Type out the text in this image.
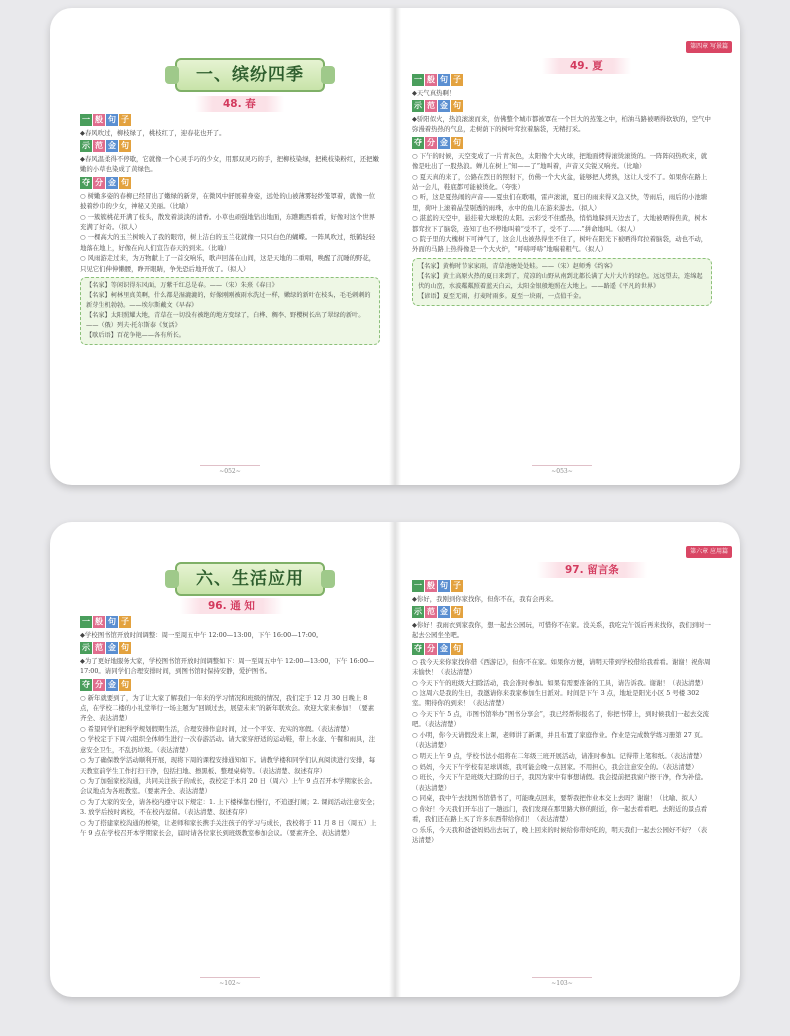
第四章 写景篇
一、缤纷四季
48. 春
一 般 句 子
◆春风吹过，柳枝绿了，桃枝红了，迎春花也开了。
示 范 金 句
◆春风温柔得不停歇，它就像一个心灵手巧的少女，用那双灵巧的手，把柳枝染绿，把桃枝染粉红，还把嫩嫩的小草也染成了黄绿色。
夺 分 金 句
○ 树嫩多姿的春柳已经冒出了嫩绿的新芽，在微风中舒展着身姿，远处的山被薄雾轻纱笼罩着，就像一位披着纱巾的少女，神秘又美丽。（比喻）
○ 一簇簇桃花开满了枝头，散发着淡淡的清香。小草也顽强地钻出地面，东瞧瞧西看看，好像对这个世界充满了好奇。（拟人）
○ 一棵高大的玉兰树映入了我的眼帘，树上洁白的玉兰花就像一只只白色的蝴蝶。一阵风吹过，纸鹤轻轻地落在地上，好像在向人们宣告春天的到来。（比喻）
○ 风雨游走过来，为万物献上了一首交响乐，歌声回荡在山间，这是天地的二重唱，唤醒了沉睡的野花，只见它们伸伸懒腰，睁开眼睛，争先恐后地开放了。（拟人）
【名家】等闲识得东风面，万紫千红总是春。——（宋）朱熹《春日》
【名家】柯林里真美啊，什么都是湿漉漉的，好像刚刚被雨水洗过一样，嫩绿的新叶在枝头，毛毛刺刺的新芽生机勃勃。——埃尔斯戴文《早春》
【名家】太阳照耀大地，青草在一切没有被绝的地方变绿了，白桦、稠李、野樱树长出了翠绿的新叶。——（俄）列夫·托尔斯泰《复活》
【歇后语】百花争艳——各有所长。
~052~
49. 夏
一 般 句 子
◆天气真热啊！
示 范 金 句
◆骄阳似火，热浪滚滚而来，仿佛整个城市都被罩在一个巨大的蒸笼之中，柏油马路被晒得软软的，空气中弥漫着热热的气息，走树荫下的树叶耷拉着脑袋，无精打采。
夺 分 金 句
○ 下午的时候，天空变成了一片青灰色，太阳像个大火球，把地面烤得滚烫滚烫的。一阵阵闷热吹来，就像是吐出了一股热浪。蝉儿在树上“知——了”地叫着，声音又尖锐又响亮。（比喻）
○ 夏天真的来了，公路在烈日的照射下，仿佛一个大火盆，能够把人烤熟，这让人受不了。如果你在路上站一会儿，鞋底都可能被烫化。（夸张）
○ 听，这是夏热闹的声音——夏虫们在歌唱，雷声滚滚，夏日的雨来得又急又快，等雨后，雨后的小池塘里，荷叶上滚着晶莹剔透的雨珠，水中的鱼儿在游来游去。（拟人）
○ 湛蓝的天空中，悬挂着大球般的太阳。云彩受不住酷热，悄悄地躲到天边去了，大地被晒得焦黄，树木都耷拉下了脑袋，连知了也不停地叫着“受不了，受不了……”拼命地叫。（拟人）
○ 院子里的大槐树下可神气了，这会儿也被热得坐不住了，树叶在阳光下被晒得耷拉着脑袋，动也不动，外面的马路上热得像是一个大火炉，“呼哧呼哧”地喘着粗气。（拟人）
【名家】黄梅时节家家雨，青草池塘处处蛙。——（宋）赵师秀《约客》
【名家】黄土高原火热的夏日来到了，荒凉的山野从南到北都长满了大片大片的绿色。远远望去，连绵起伏的山峦，水波粼粼照着蓝天白云，太阳金银般地照在大地上。——路遥《平凡的世界》
【谚语】夏至无雨，打麦时雨多。夏至一块雨，一点值千金。
~053~
第六章 应用篇
六、生活应用
96. 通 知
一 般 句 子
◆学校图书馆开放时间调整：周一至周五中午 12:00—13:00，下午 16:00—17:00。
示 范 金 句
◆为了更好地服务大家，学校图书馆开放时间调整如下：周一至周五中午 12:00—13:00，下午 16:00—17:00。请同学们合理安排时间，到图书馆时保持安静，爱护图书。
夺 分 金 句
○ 新年就要到了，为了让大家了解我们一年来的学习情况和班级的情况，我们定于 12 月 30 日晚上 8 点，在学校二楼的小礼堂举行一场主题为“回顾过去，展望未来”的新年联欢会。欢迎大家来参加！（要素齐全、表达清楚）
○ 希望同学们把科学规划假期生活，合理安排作息时间，过一个平安、充实的寒假。（表达清楚）
○ 学校定于下周六组织全体师生进行一次春游活动。请大家穿舒适的运动鞋，带上水壶、午餐和雨具，注意安全卫生，不乱扔垃圾。（表达清楚）
○ 为了确保教学活动顺利开展，现将下周的课程安排通知如下。请教学楼和同学们认真阅读进行安排，每天教室前学生工作打扫干净，包括扫地、擦黑板、整理桌椅等。（表达清楚、叙述有序）
○ 为了加强家校沟通，共同关注孩子的成长，我校定于本月 20 日（周六）上午 9 点召开本学期家长会。会议地点为各班教室。（要素齐全、表达清楚）
○ 为了大家的安全，请各校内遵守以下规定：1. 上下楼梯靠右慢行，不追逐打闹；2. 课间活动注意安全；3. 放学后按时离校，不在校内逗留。（表达清楚、叙述有序）
○ 为了搭建家校沟通的桥梁，让老师和家长携手关注孩子的学习与成长，我校将于 11 月 8 日（周五）上午 9 点在学校召开本学期家长会，届时请各位家长到班级教室参加会议。（要素齐全、表达清楚）
~102~
97. 留言条
一 般 句 子
◆你好，我刚到你家找你，但你不在，我有会再来。
示 范 金 句
◆你好！我雨衣到家我你，想一起去公园玩，可惜你不在家。没关系，我吃完午饭后再来找你，我们到时一起去公园坐坐吧。
夺 分 金 句
○ 我今天来你家找你借《西游记》，但你不在家。如果你方便，请明天带到学校借给我看看。谢谢！祝你周末愉快！（表达清楚）
○ 今天下午的班级大扫除活动，我会准时参加。如果有需要准备的工具，请告诉我。谢谢！（表达清楚）
○ 这周六是我的生日，我邀请你来我家参加生日派对。时间是下午 3 点，地址是阳光小区 5 号楼 302 室。期待你的到来！（表达清楚）
○ 今天下午 5 点，市图书馆举办“图书分享会”，我已经帮你报名了，你把书带上，到时候我们一起去交流吧。（表达清楚）
○ 小明，你今天请假没来上课，老师讲了新课，并且布置了家庭作业。作业是完成数学练习册第 27 页。（表达清楚）
○ 明天上午 9 点，学校书法小组将在二年级三班开展活动，请准时参加。记得带上笔和纸。（表达清楚）
○ 妈妈，今天下午学校有足球训练，我可能会晚一点回家。不用担心，我会注意安全的。（表达清楚）
○ 班长，今天下午是班级大扫除的日子，我因为家中有事想请假。我会提前把我窗户擦干净，作为补偿。（表达清楚）
○ 同桌，我中午去找图书馆借书了，可能晚点回来，要帮我把作业本交上去吗？谢谢！（比喻、拟人）
○ 你好！今天我们开车出了一趟远门，我们发现在那里路大修的附近，你一起去看看吧。去附近的景点看看，我们还在路上买了许多东西带给你们！（表达清楚）
○ 乐乐，今天我和爸爸妈妈出去玩了，晚上回来的时候给你带好吃的，明天我们一起去公园好不好？（表达清楚）
~103~
